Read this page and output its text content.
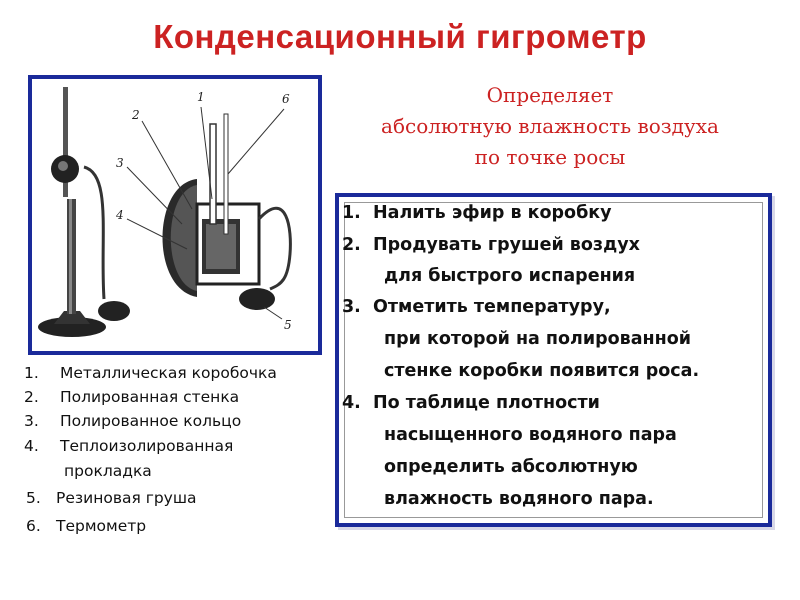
Конденсационный гигрометр
Определяет
абсолютную влажность воздуха
по точке росы
2
3
4
1	6
5
1. Налить эфир в коробку
2. Продувать грушей воздух
для быстрого испарения
3. Отметить температуру,
при которой на полированной
стенке коробки появится роса.
4. По таблице плотности
насыщенного водяного пара
определить абсолютную
влажность водяного пара.
1. Металлическая коробочка
2. Полированная стенка
3. Полированное кольцо
4. Теплоизолированная
прокладка
5. Резиновая груша
6. Термометр
